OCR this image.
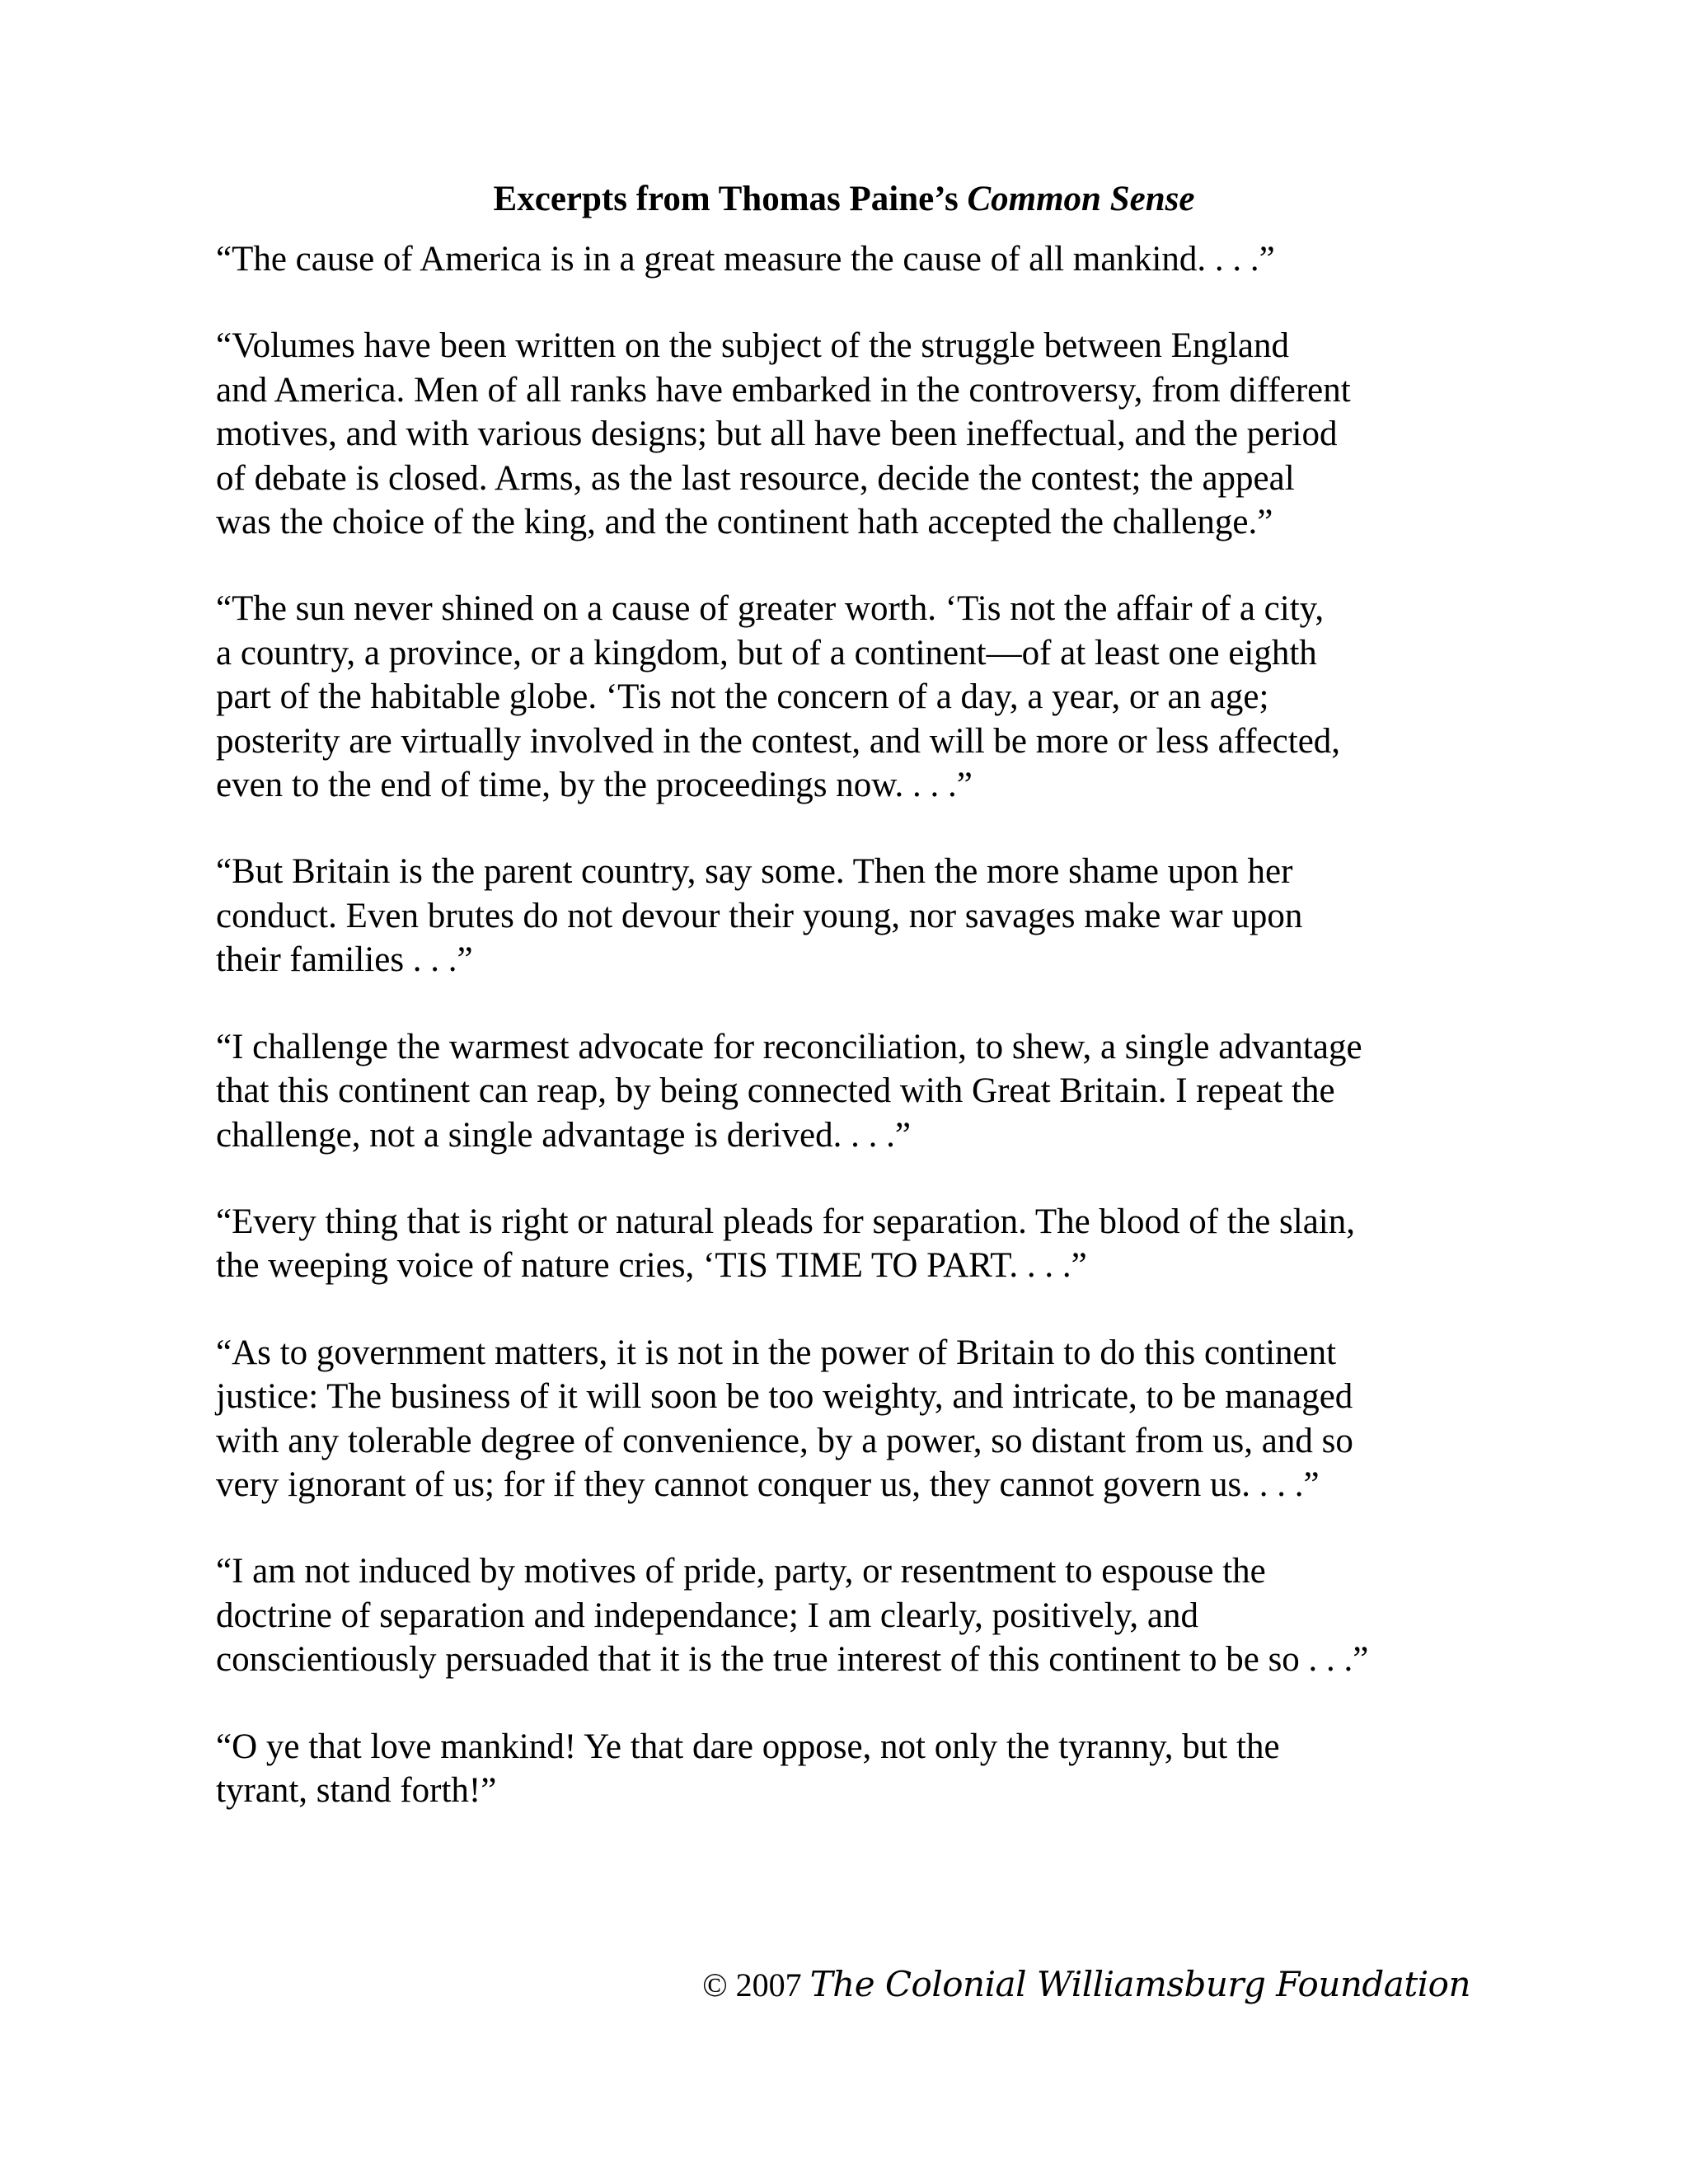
Excerpts from Thomas Paine’s Common Sense
“The cause of America is in a great measure the cause of all mankind. . . .”
“Volumes have been written on the subject of the struggle between England
and America. Men of all ranks have embarked in the controversy, from different
motives, and with various designs; but all have been ineffectual, and the period
of debate is closed. Arms, as the last resource, decide the contest; the appeal
was the choice of the king, and the continent hath accepted the challenge.”
“The sun never shined on a cause of greater worth. ‘Tis not the affair of a city,
a country, a province, or a kingdom, but of a continent—of at least one eighth
part of the habitable globe. ‘Tis not the concern of a day, a year, or an age;
posterity are virtually involved in the contest, and will be more or less affected,
even to the end of time, by the proceedings now. . . .”
“But Britain is the parent country, say some. Then the more shame upon her
conduct. Even brutes do not devour their young, nor savages make war upon
their families . . .”
“I challenge the warmest advocate for reconciliation, to shew, a single advantage
that this continent can reap, by being connected with Great Britain. I repeat the
challenge, not a single advantage is derived. . . .”
“Every thing that is right or natural pleads for separation. The blood of the slain,
the weeping voice of nature cries, ‘TIS TIME TO PART. . . .”
“As to government matters, it is not in the power of Britain to do this continent
justice: The business of it will soon be too weighty, and intricate, to be managed
with any tolerable degree of convenience, by a power, so distant from us, and so
very ignorant of us; for if they cannot conquer us, they cannot govern us. . . .”
“I am not induced by motives of pride, party, or resentment to espouse the
doctrine of separation and independance; I am clearly, positively, and
conscientiously persuaded that it is the true interest of this continent to be so . . .”
“O ye that love mankind! Ye that dare oppose, not only the tyranny, but the
tyrant, stand forth!”
© 2007 The Colonial Williamsburg Foundation
